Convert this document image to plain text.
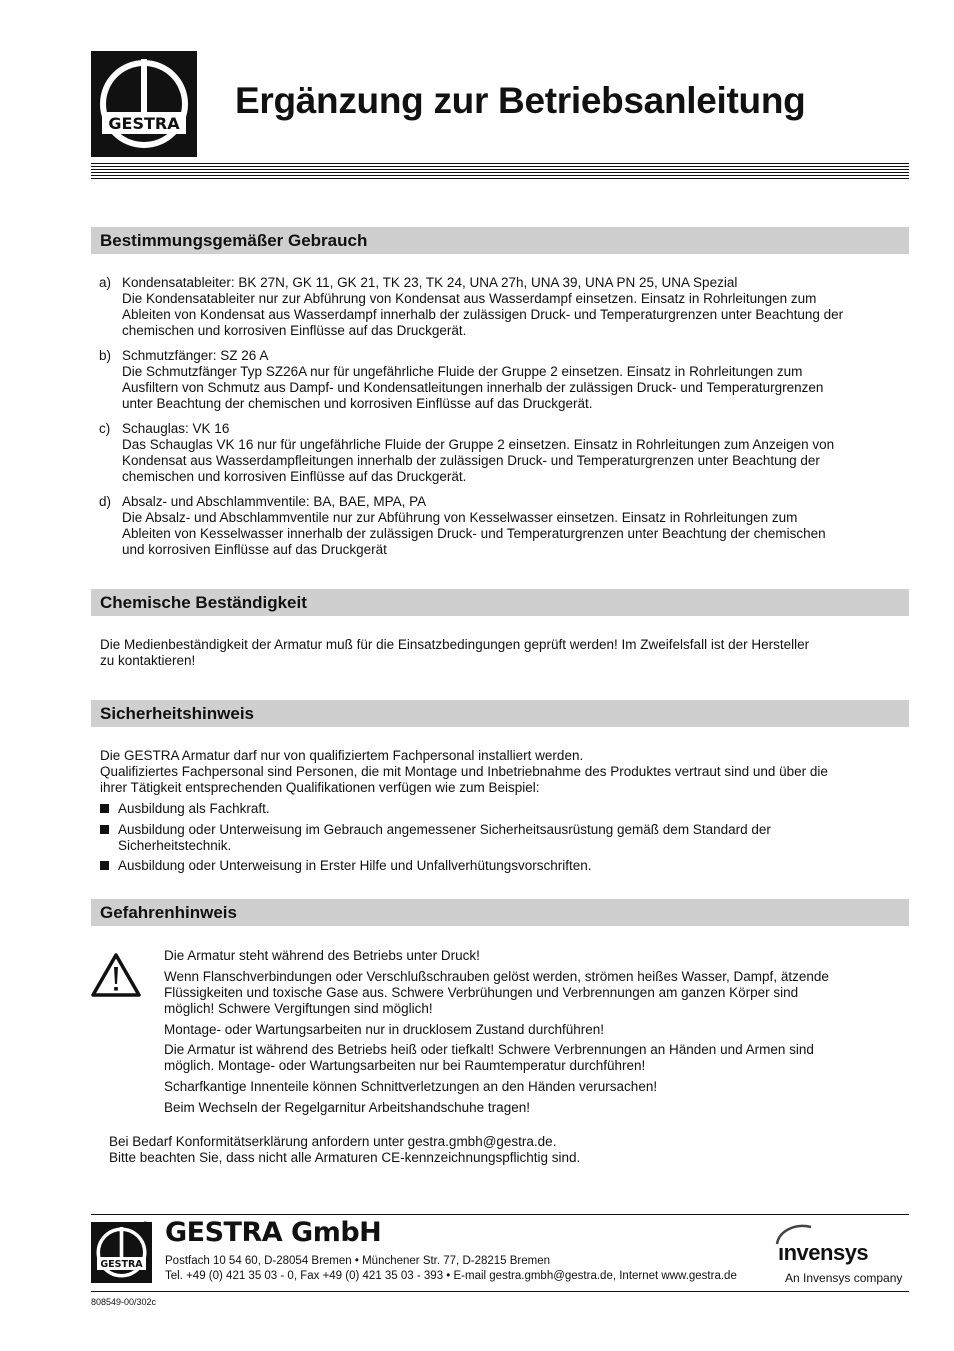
GESTRA
Ergänzung zur Betriebsanleitung
Bestimmungsgemäßer Gebrauch
a) Kondensatableiter: BK 27N, GK 11, GK 21, TK 23, TK 24, UNA 27h, UNA 39, UNA PN 25, UNA Spezial
Die Kondensatableiter nur zur Abführung von Kondensat aus Wasserdampf einsetzen. Einsatz in Rohrleitungen zum
Ableiten von Kondensat aus Wasserdampf innerhalb der zulässigen Druck- und Temperaturgrenzen unter Beachtung der
chemischen und korrosiven Einflüsse auf das Druckgerät.
b) Schmutzfänger: SZ 26 A
Die Schmutzfänger Typ SZ26A nur für ungefährliche Fluide der Gruppe 2 einsetzen. Einsatz in Rohrleitungen zum
Ausfiltern von Schmutz aus Dampf- und Kondensatleitungen innerhalb der zulässigen Druck- und Temperaturgrenzen
unter Beachtung der chemischen und korrosiven Einflüsse auf das Druckgerät.
c) Schauglas: VK 16
Das Schauglas VK 16 nur für ungefährliche Fluide der Gruppe 2 einsetzen. Einsatz in Rohrleitungen zum Anzeigen von
Kondensat aus Wasserdampfleitungen innerhalb der zulässigen Druck- und Temperaturgrenzen unter Beachtung der
chemischen und korrosiven Einflüsse auf das Druckgerät.
d) Absalz- und Abschlammventile: BA, BAE, MPA, PA
Die Absalz- und Abschlammventile nur zur Abführung von Kesselwasser einsetzen. Einsatz in Rohrleitungen zum
Ableiten von Kesselwasser innerhalb der zulässigen Druck- und Temperaturgrenzen unter Beachtung der chemischen
und korrosiven Einflüsse auf das Druckgerät
Chemische Beständigkeit
Die Medienbeständigkeit der Armatur muß für die Einsatzbedingungen geprüft werden! Im Zweifelsfall ist der Hersteller
zu kontaktieren!
Sicherheitshinweis
Die GESTRA Armatur darf nur von qualifiziertem Fachpersonal installiert werden.
Qualifiziertes Fachpersonal sind Personen, die mit Montage und Inbetriebnahme des Produktes vertraut sind und über die
ihrer Tätigkeit entsprechenden Qualifikationen verfügen wie zum Beispiel:
Ausbildung als Fachkraft.
Ausbildung oder Unterweisung im Gebrauch angemessener Sicherheitsausrüstung gemäß dem Standard der
Sicherheitstechnik.
Ausbildung oder Unterweisung in Erster Hilfe und Unfallverhütungsvorschriften.
Gefahrenhinweis
Die Armatur steht während des Betriebs unter Druck!
Wenn Flanschverbindungen oder Verschlußschrauben gelöst werden, strömen heißes Wasser, Dampf, ätzende
Flüssigkeiten und toxische Gase aus. Schwere Verbrühungen und Verbrennungen am ganzen Körper sind
möglich! Schwere Vergiftungen sind möglich!
Montage- oder Wartungsarbeiten nur in drucklosem Zustand durchführen!
Die Armatur ist während des Betriebs heiß oder tiefkalt! Schwere Verbrennungen an Händen und Armen sind
möglich. Montage- oder Wartungsarbeiten nur bei Raumtemperatur durchführen!
Scharfkantige Innenteile können Schnittverletzungen an den Händen verursachen!
Beim Wechseln der Regelgarnitur Arbeitshandschuhe tragen!
Bei Bedarf Konformitätserklärung anfordern unter gestra.gmbh@gestra.de.
Bitte beachten Sie, dass nicht alle Armaturen CE-kennzeichnungspflichtig sind.
GESTRA
® GESTRA GmbH
Postfach 10 54 60, D-28054 Bremen • Münchener Str. 77, D-28215 Bremen
Tel. +49 (0) 421 35 03 - 0, Fax +49 (0) 421 35 03 - 393 • E-mail gestra.gmbh@gestra.de, Internet www.gestra.de
ınvensys
An Invensys company
808549-00/302c
